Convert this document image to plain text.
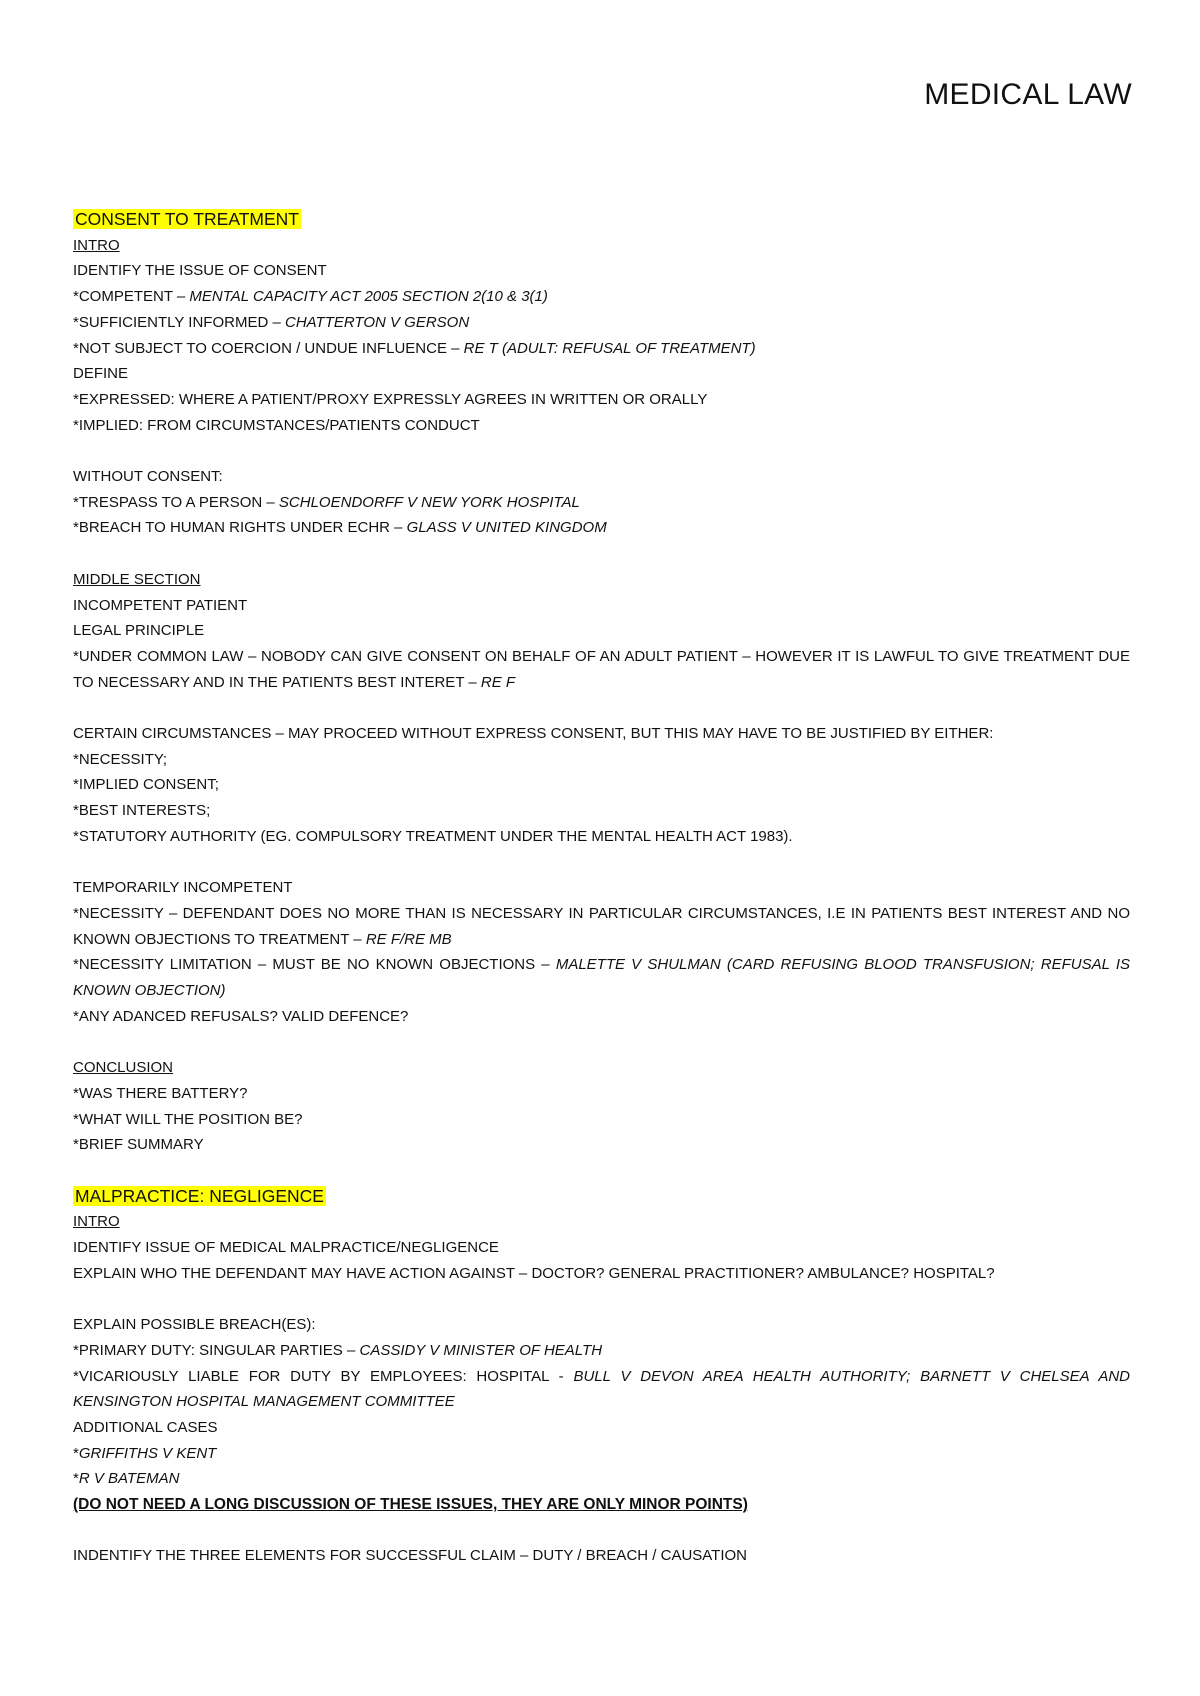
MEDICAL LAW

CONSENT TO TREATMENT

INTRO

IDENTIFY THE ISSUE OF CONSENT

*COMPETENT – MENTAL CAPACITY ACT 2005 SECTION 2(10 & 3(1)

*SUFFICIENTLY INFORMED – CHATTERTON V GERSON

*NOT SUBJECT TO COERCION / UNDUE INFLUENCE – RE T (ADULT: REFUSAL OF TREATMENT)

DEFINE

*EXPRESSED: WHERE A PATIENT/PROXY EXPRESSLY AGREES IN WRITTEN OR ORALLY

*IMPLIED: FROM CIRCUMSTANCES/PATIENTS CONDUCT

WITHOUT CONSENT:

*TRESPASS TO A PERSON – SCHLOENDORFF V NEW YORK HOSPITAL

*BREACH TO HUMAN RIGHTS UNDER ECHR – GLASS V UNITED KINGDOM

MIDDLE SECTION

INCOMPETENT PATIENT

LEGAL PRINCIPLE

*UNDER COMMON LAW – NOBODY CAN GIVE CONSENT ON BEHALF OF AN ADULT PATIENT – HOWEVER IT IS LAWFUL TO GIVE TREATMENT DUE TO NECESSARY AND IN THE PATIENTS BEST INTERET – RE F

CERTAIN CIRCUMSTANCES – MAY PROCEED WITHOUT EXPRESS CONSENT, BUT THIS MAY HAVE TO BE JUSTIFIED BY EITHER:

*NECESSITY;

*IMPLIED CONSENT;

*BEST INTERESTS;

*STATUTORY AUTHORITY (EG. COMPULSORY TREATMENT UNDER THE MENTAL HEALTH ACT 1983).

TEMPORARILY INCOMPETENT

*NECESSITY – DEFENDANT DOES NO MORE THAN IS NECESSARY IN PARTICULAR CIRCUMSTANCES, I.E IN PATIENTS BEST INTEREST AND NO KNOWN OBJECTIONS TO TREATMENT – RE F/RE MB

*NECESSITY LIMITATION – MUST BE NO KNOWN OBJECTIONS – MALETTE V SHULMAN (CARD REFUSING BLOOD TRANSFUSION; REFUSAL IS KNOWN OBJECTION)

*ANY ADANCED REFUSALS? VALID DEFENCE?

CONCLUSION

*WAS THERE BATTERY?

*WHAT WILL THE POSITION BE?

*BRIEF SUMMARY

MALPRACTICE: NEGLIGENCE

INTRO

IDENTIFY ISSUE OF MEDICAL MALPRACTICE/NEGLIGENCE

EXPLAIN WHO THE DEFENDANT MAY HAVE ACTION AGAINST – DOCTOR? GENERAL PRACTITIONER? AMBULANCE? HOSPITAL?

EXPLAIN POSSIBLE BREACH(ES):

*PRIMARY DUTY: SINGULAR PARTIES – CASSIDY V MINISTER OF HEALTH

*VICARIOUSLY LIABLE FOR DUTY BY EMPLOYEES: HOSPITAL - BULL V DEVON AREA HEALTH AUTHORITY; BARNETT V CHELSEA AND KENSINGTON HOSPITAL MANAGEMENT COMMITTEE

ADDITIONAL CASES

*GRIFFITHS V KENT

*R V BATEMAN

(DO NOT NEED A LONG DISCUSSION OF THESE ISSUES, THEY ARE ONLY MINOR POINTS)

INDENTIFY THE THREE ELEMENTS FOR SUCCESSFUL CLAIM – DUTY / BREACH / CAUSATION
